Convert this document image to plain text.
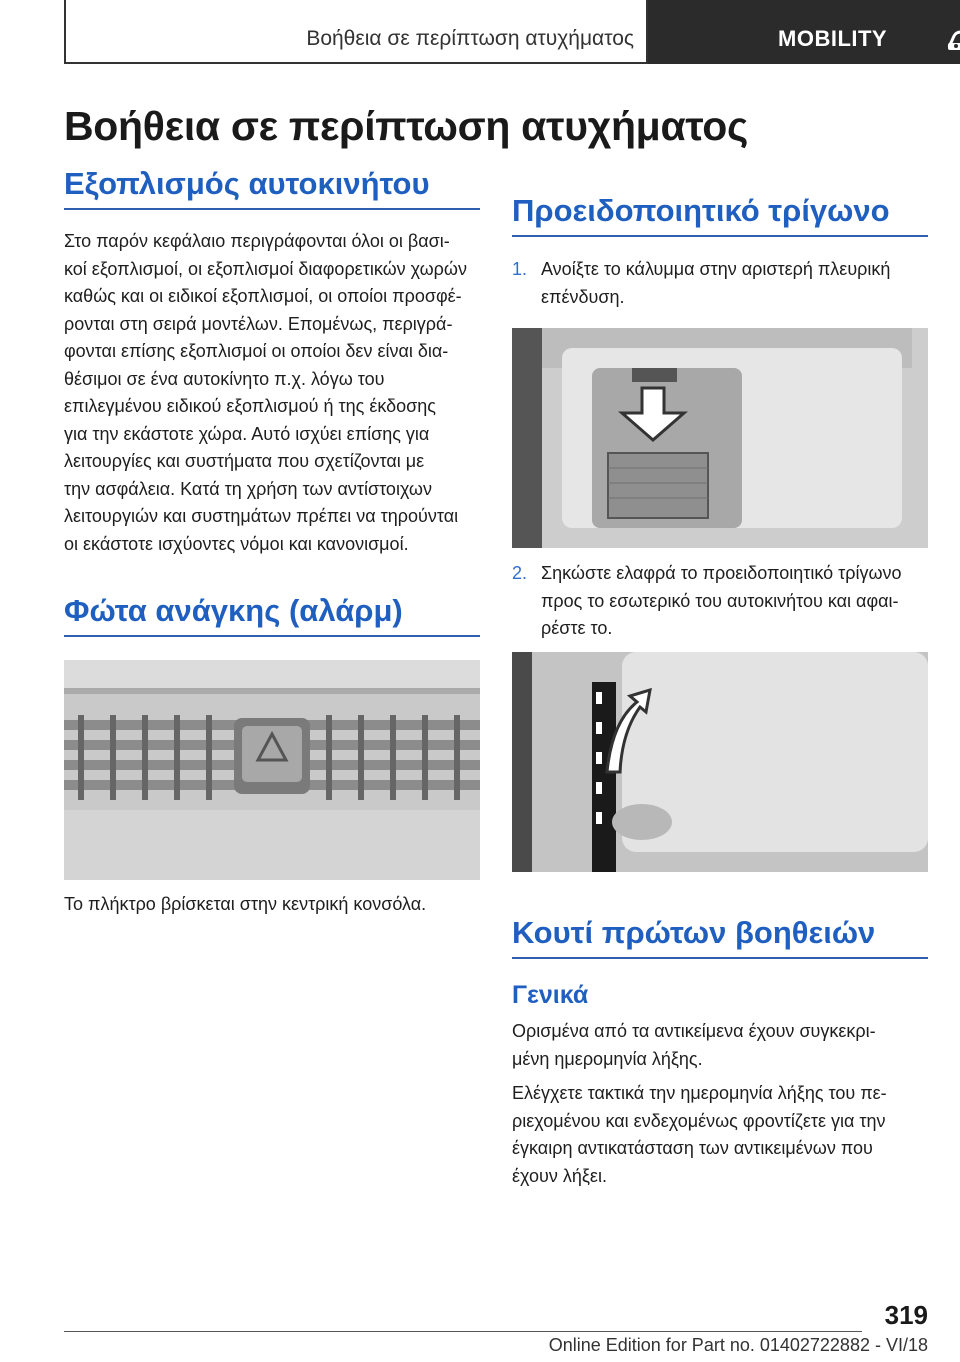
Βοήθεια σε περίπτωση ατυχήματος	MOBILITY
Βοήθεια σε περίπτωση ατυχήματος
Εξοπλισμός αυτοκινήτου

Στο παρόν κεφάλαιο περιγράφονται όλοι οι βασι-
κοί εξοπλισμοί, οι εξοπλισμοί διαφορετικών χωρών
καθώς και οι ειδικοί εξοπλισμοί, οι οποίοι προσφέ-
ρονται στη σειρά μοντέλων. Επομένως, περιγρά-
φονται επίσης εξοπλισμοί οι οποίοι δεν είναι δια-
θέσιμοι σε ένα αυτοκίνητο π.χ. λόγω του
επιλεγμένου ειδικού εξοπλισμού ή της έκδοσης
για την εκάστοτε χώρα. Αυτό ισχύει επίσης για
λειτουργίες και συστήματα που σχετίζονται με
την ασφάλεια. Κατά τη χρήση των αντίστοιχων
λειτουργιών και συστημάτων πρέπει να τηρούνται
οι εκάστοτε ισχύοντες νόμοι και κανονισμοί.

Φώτα ανάγκης (αλάρμ)

Το πλήκτρο βρίσκεται στην κεντρική κονσόλα.

Προειδοποιητικό τρίγωνο
1. Ανοίξτε το κάλυμμα στην αριστερή πλευρική
επένδυση.
2. Σηκώστε ελαφρά το προειδοποιητικό τρίγωνο
προς το εσωτερικό του αυτοκινήτου και αφαι-
ρέστε το.
Κουτί πρώτων βοηθειών
Γενικά

Ορισμένα από τα αντικείμενα έχουν συγκεκρι-
μένη ημερομηνία λήξης.

Ελέγχετε τακτικά την ημερομηνία λήξης του πε-
ριεχομένου και ενδεχομένως φροντίζετε για την
έγκαιρη αντικατάσταση των αντικειμένων που
έχουν λήξει.

319
Online Edition for Part no. 01402722882 - VI/18
